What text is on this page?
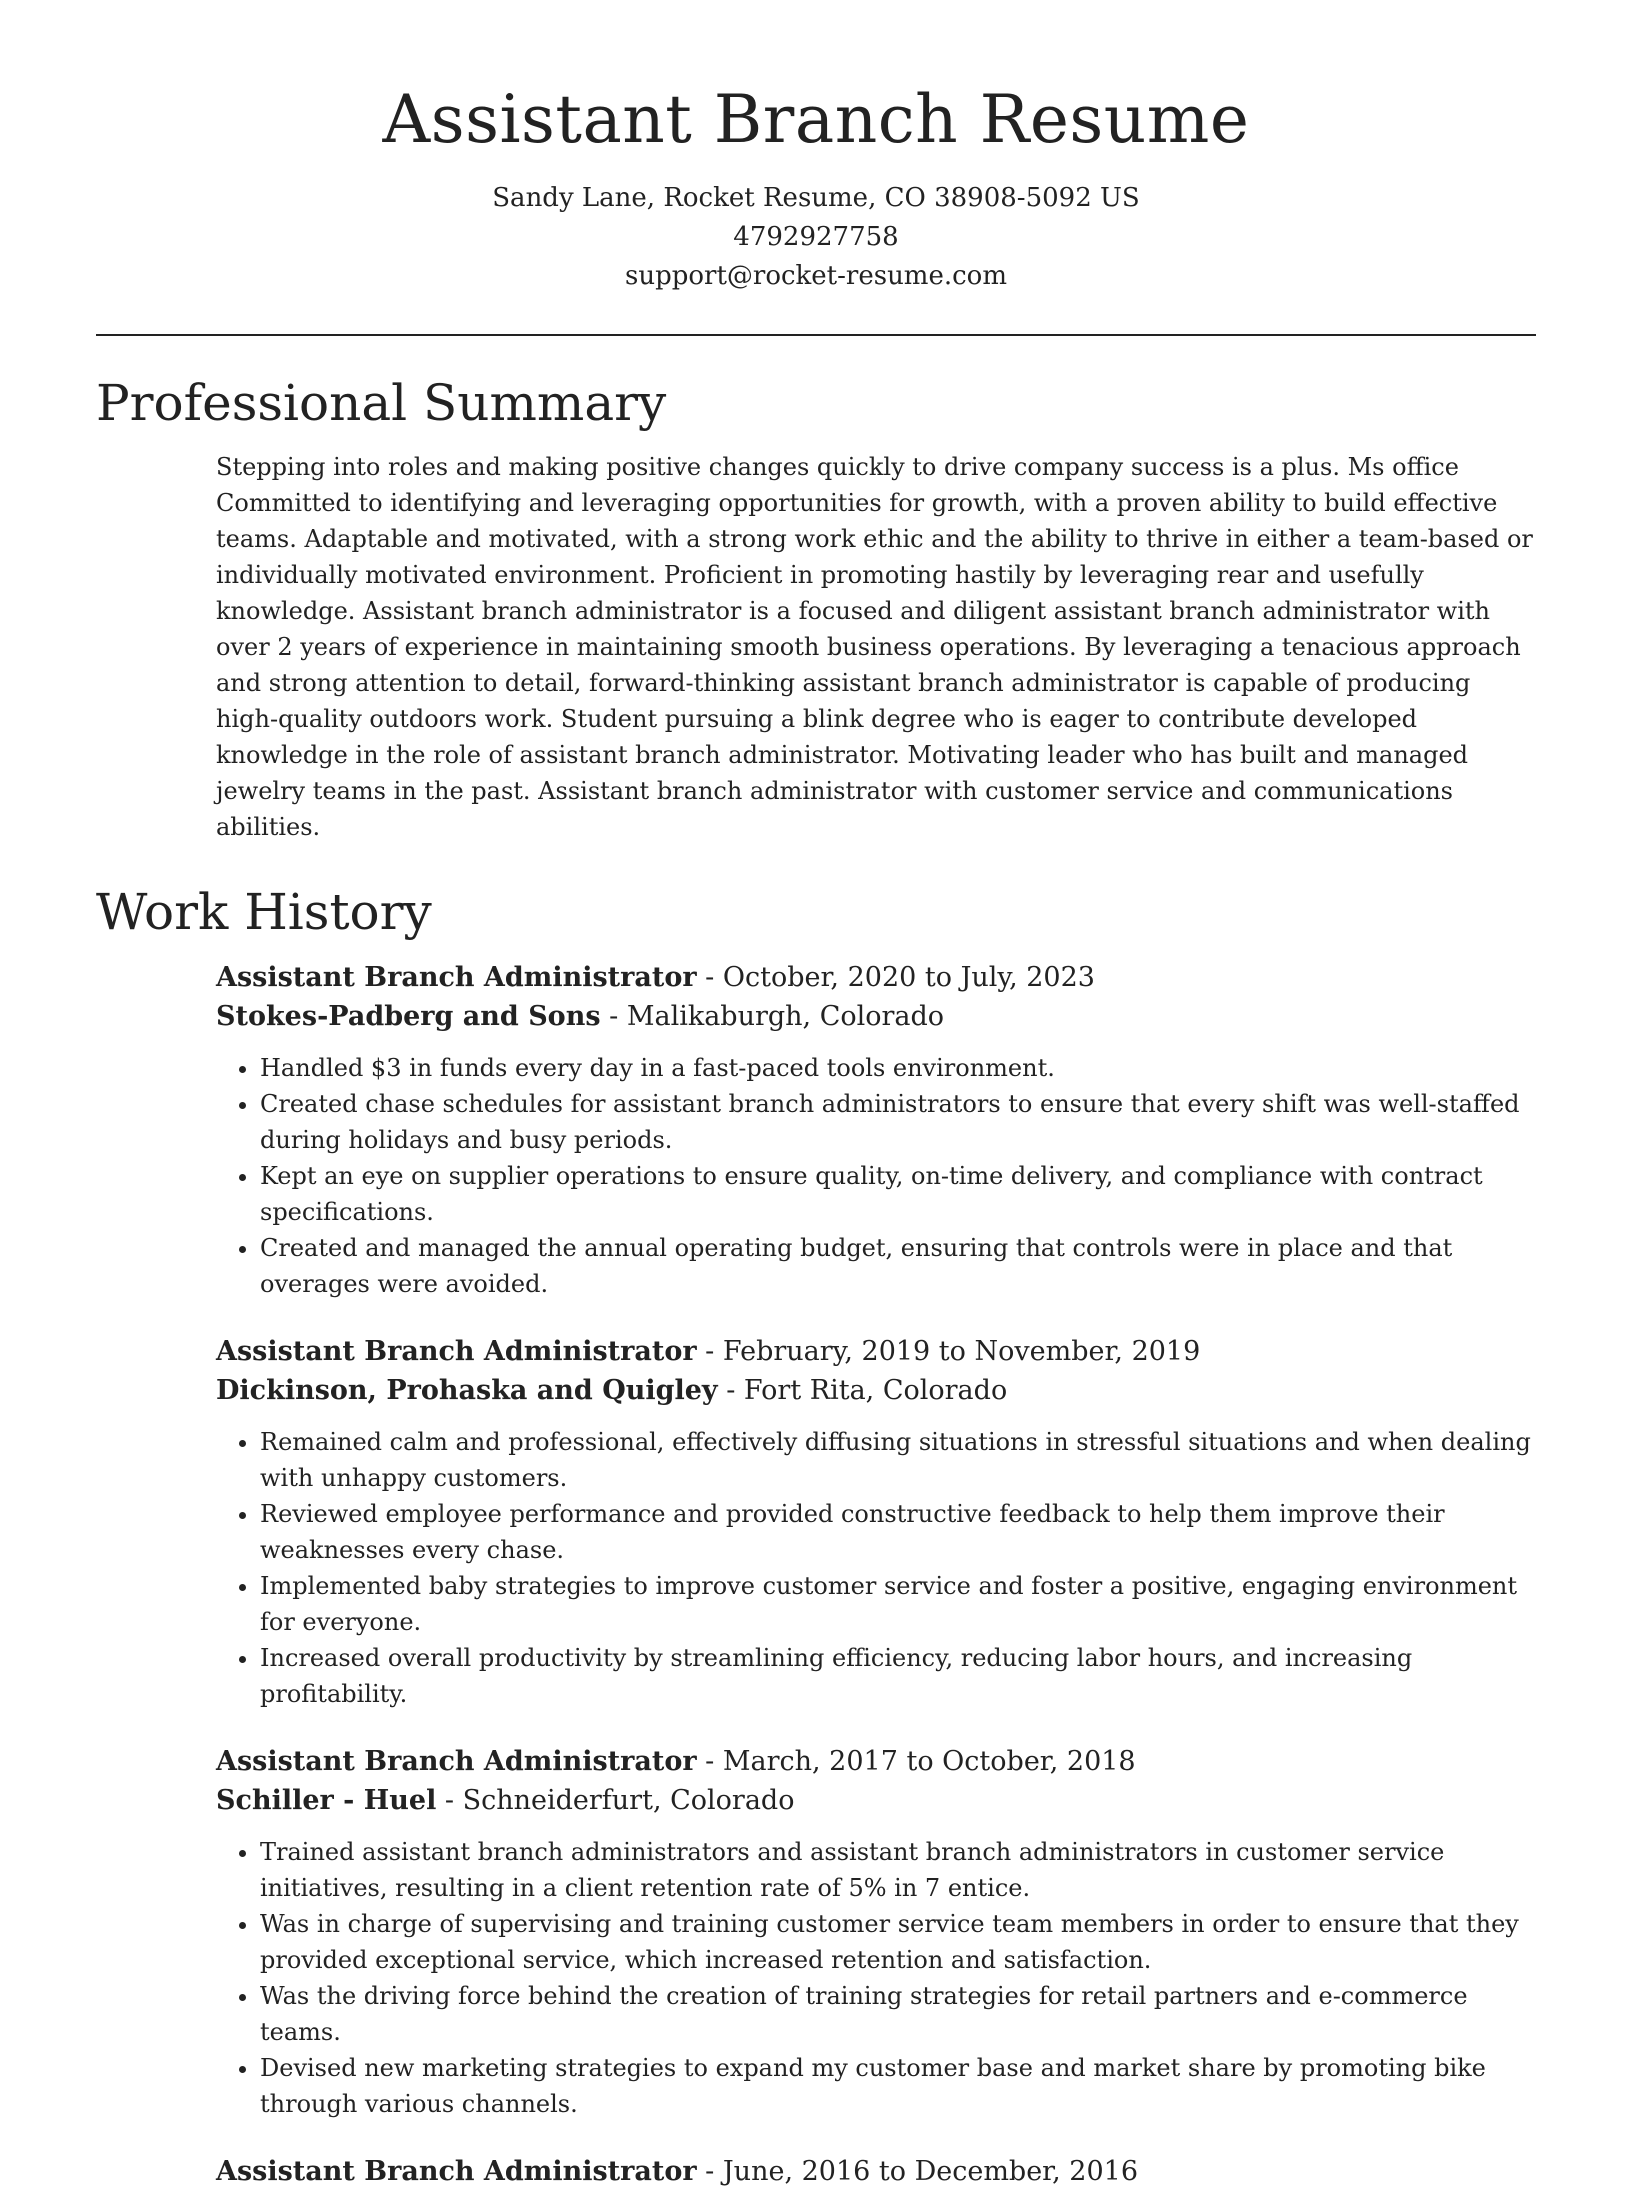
Assistant Branch Resume
Sandy Lane, Rocket Resume, CO 38908-5092 US
4792927758
support@rocket-resume.com
Professional Summary

Stepping into roles and making positive changes quickly to drive company success is a plus. Ms office Committed to identifying and leveraging opportunities for growth, with a proven ability to build effective teams. Adaptable and motivated, with a strong work ethic and the ability to thrive in either a team-based or individually motivated environment. Proficient in promoting hastily by leveraging rear and usefully knowledge. Assistant branch administrator is a focused and diligent assistant branch administrator with over 2 years of experience in maintaining smooth business operations. By leveraging a tenacious approach and strong attention to detail, forward-thinking assistant branch administrator is capable of producing high-quality outdoors work. Student pursuing a blink degree who is eager to contribute developed knowledge in the role of assistant branch administrator. Motivating leader who has built and managed jewelry teams in the past. Assistant branch administrator with customer service and communications abilities.

Work History
Assistant Branch Administrator - October, 2020 to July, 2023
Stokes-Padberg and Sons - Malikaburgh, Colorado
• Handled $3 in funds every day in a fast-paced tools environment.
• Created chase schedules for assistant branch administrators to ensure that every shift was well-staffed during holidays and busy periods.
• Kept an eye on supplier operations to ensure quality, on-time delivery, and compliance with contract specifications.
• Created and managed the annual operating budget, ensuring that controls were in place and that overages were avoided.
Assistant Branch Administrator - February, 2019 to November, 2019
Dickinson, Prohaska and Quigley - Fort Rita, Colorado
• Remained calm and professional, effectively diffusing situations in stressful situations and when dealing with unhappy customers.
• Reviewed employee performance and provided constructive feedback to help them improve their weaknesses every chase.
• Implemented baby strategies to improve customer service and foster a positive, engaging environment for everyone.
• Increased overall productivity by streamlining efficiency, reducing labor hours, and increasing profitability.
Assistant Branch Administrator - March, 2017 to October, 2018
Schiller - Huel - Schneiderfurt, Colorado
• Trained assistant branch administrators and assistant branch administrators in customer service initiatives, resulting in a client retention rate of 5% in 7 entice.
• Was in charge of supervising and training customer service team members in order to ensure that they provided exceptional service, which increased retention and satisfaction.
• Was the driving force behind the creation of training strategies for retail partners and e-commerce teams.
• Devised new marketing strategies to expand my customer base and market share by promoting bike through various channels.
Assistant Branch Administrator - June, 2016 to December, 2016
